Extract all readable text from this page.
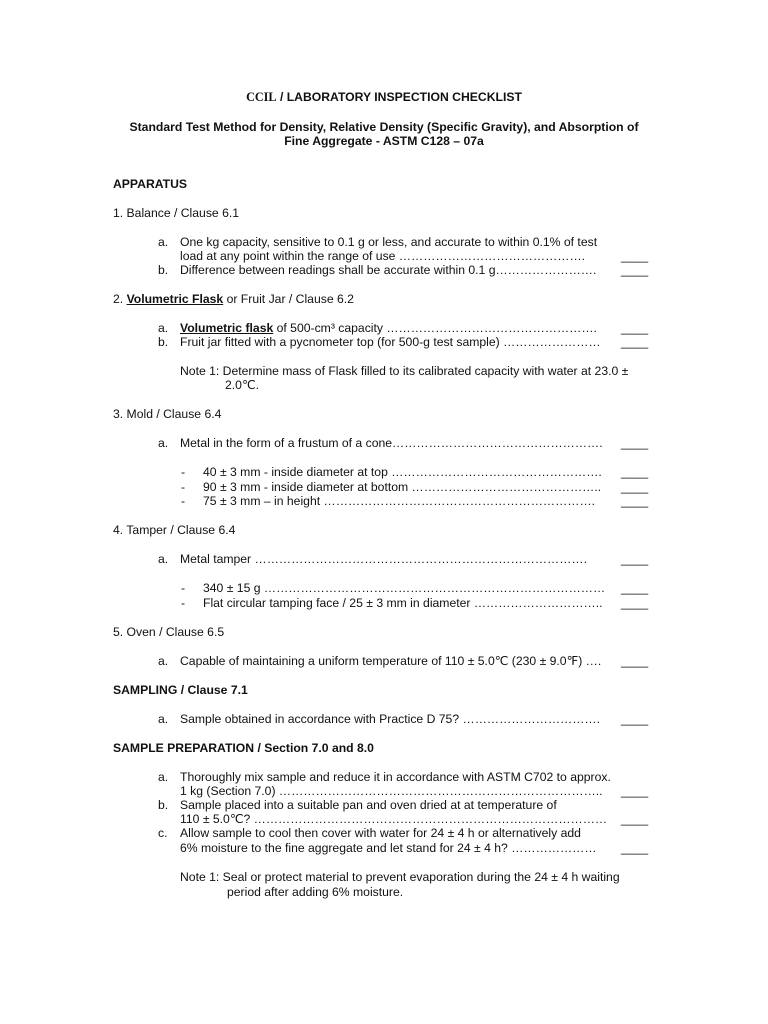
CCIL / LABORATORY INSPECTION CHECKLIST
Standard Test Method for Density, Relative Density (Specific Gravity), and Absorption of
Fine Aggregate - ASTM C128 – 07a
APPARATUS
1. Balance / Clause 6.1
a. One kg capacity, sensitive to 0.1 g or less, and accurate to within 0.1% of test
load at any point within the range of use ……………………………………….	____
b. Difference between readings shall be accurate within 0.1 g……………………. ____
2. Volumetric Flask or Fruit Jar / Clause 6.2
a. Volumetric flask of 500-cm³ capacity ……………………………………………. ____
b. Fruit jar fitted with a pycnometer top (for 500-g test sample) …………………… ____
Note 1: Determine mass of Flask filled to its calibrated capacity with water at 23.0 ±
2.0℃.
3. Mold / Clause 6.4
a. Metal in the form of a frustum of a cone……………………………………………. ____
- 40 ± 3 mm - inside diameter at top ……………………………………………. ____
- 90 ± 3 mm - inside diameter at bottom ……………………………………….. ____
- 75 ± 3 mm – in height …………………………………………………………. ____
4. Tamper / Clause 6.4
a. Metal tamper ……………………………………………………………………….	____
- 340 ± 15 g ………………………………………………………………………… ____
- Flat circular tamping face / 25 ± 3 mm in diameter ………………………….. ____
5. Oven / Clause 6.5
a. Capable of maintaining a uniform temperature of 110 ± 5.0℃ (230 ± 9.0℉) …. ____
SAMPLING / Clause 7.1
a. Sample obtained in accordance with Practice D 75? ……………………………. ____
SAMPLE PREPARATION / Section 7.0 and 8.0
a. Thoroughly mix sample and reduce it in accordance with ASTM C702 to approx.
1 kg (Section 7.0) …………………………………………………………………….. ____
b. Sample placed into a suitable pan and oven dried at at temperature of
110 ± 5.0℃? …………………………………………………………………………… ____
c. Allow sample to cool then cover with water for 24 ± 4 h or alternatively add
6% moisture to the fine aggregate and let stand for 24 ± 4 h? ………………… ____
Note 1: Seal or protect material to prevent evaporation during the 24 ± 4 h waiting
period after adding 6% moisture.
